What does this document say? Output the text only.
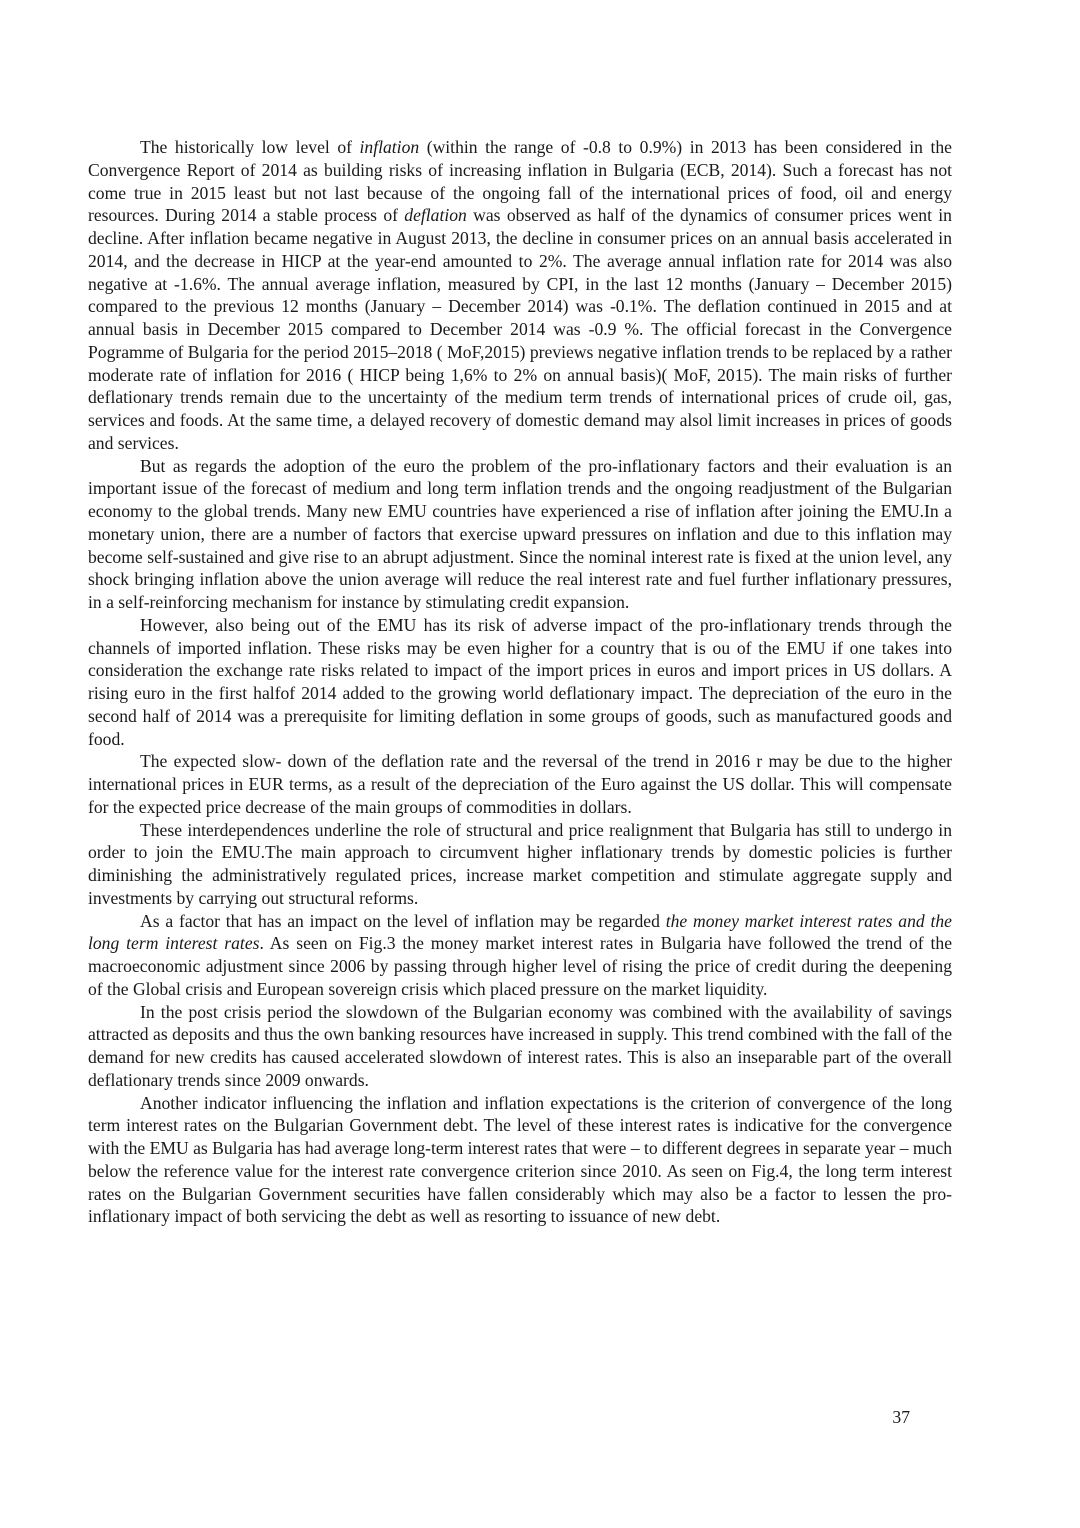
The historically low level of inflation (within the range of -0.8 to 0.9%) in 2013 has been considered in the Convergence Report of 2014 as building risks of increasing inflation in Bulgaria (ECB, 2014). Such a forecast has not come true in 2015 least but not last because of the ongoing fall of the international prices of food, oil and energy resources. During 2014 a stable process of deflation was observed as half of the dynamics of consumer prices went in decline. After inflation became negative in August 2013, the decline in consumer prices on an annual basis accelerated in 2014, and the decrease in HICP at the year-end amounted to 2%. The average annual inflation rate for 2014 was also negative at -1.6%. The annual average inflation, measured by CPI, in the last 12 months (January – December 2015) compared to the previous 12 months (January – December 2014) was -0.1%. The deflation continued in 2015 and at annual basis in December 2015 compared to December 2014 was -0.9 %. The official forecast in the Convergence Pogramme of Bulgaria for the period 2015–2018 ( MoF,2015) previews negative inflation trends to be replaced by a rather moderate rate of inflation for 2016 ( HICP being 1,6% to 2% on annual basis)( MoF, 2015). The main risks of further deflationary trends remain due to the uncertainty of the medium term trends of international prices of crude oil, gas, services and foods. At the same time, a delayed recovery of domestic demand may alsol limit increases in prices of goods and services.

But as regards the adoption of the euro the problem of the pro-inflationary factors and their evaluation is an important issue of the forecast of medium and long term inflation trends and the ongoing readjustment of the Bulgarian economy to the global trends. Many new EMU countries have experienced a rise of inflation after joining the EMU.In a monetary union, there are a number of factors that exercise upward pressures on inflation and due to this inflation may become self-sustained and give rise to an abrupt adjustment. Since the nominal interest rate is fixed at the union level, any shock bringing inflation above the union average will reduce the real interest rate and fuel further inflationary pressures, in a self-reinforcing mechanism for instance by stimulating credit expansion.

However, also being out of the EMU has its risk of adverse impact of the pro-inflationary trends through the channels of imported inflation. These risks may be even higher for a country that is ou of the EMU if one takes into consideration the exchange rate risks related to impact of the import prices in euros and import prices in US dollars. A rising euro in the first halfof 2014 added to the growing world deflationary impact. The depreciation of the euro in the second half of 2014 was a prerequisite for limiting deflation in some groups of goods, such as manufactured goods and food.

The expected slow- down of the deflation rate and the reversal of the trend in 2016 r may be due to the higher international prices in EUR terms, as a result of the depreciation of the Euro against the US dollar. This will compensate for the expected price decrease of the main groups of commodities in dollars.

These interdependences underline the role of structural and price realignment that Bulgaria has still to undergo in order to join the EMU.The main approach to circumvent higher inflationary trends by domestic policies is further diminishing the administratively regulated prices, increase market competition and stimulate aggregate supply and investments by carrying out structural reforms.

As a factor that has an impact on the level of inflation may be regarded the money market interest rates and the long term interest rates. As seen on Fig.3 the money market interest rates in Bulgaria have followed the trend of the macroeconomic adjustment since 2006 by passing through higher level of rising the price of credit during the deepening of the Global crisis and European sovereign crisis which placed pressure on the market liquidity.

In the post crisis period the slowdown of the Bulgarian economy was combined with the availability of savings attracted as deposits and thus the own banking resources have increased in supply. This trend combined with the fall of the demand for new credits has caused accelerated slowdown of interest rates. This is also an inseparable part of the overall deflationary trends since 2009 onwards.

Another indicator influencing the inflation and inflation expectations is the criterion of convergence of the long term interest rates on the Bulgarian Government debt. The level of these interest rates is indicative for the convergence with the EMU as Bulgaria has had average long-term interest rates that were – to different degrees in separate year – much below the reference value for the interest rate convergence criterion since 2010. As seen on Fig.4, the long term interest rates on the Bulgarian Government securities have fallen considerably which may also be a factor to lessen the pro-inflationary impact of both servicing the debt as well as resorting to issuance of new debt.

37
